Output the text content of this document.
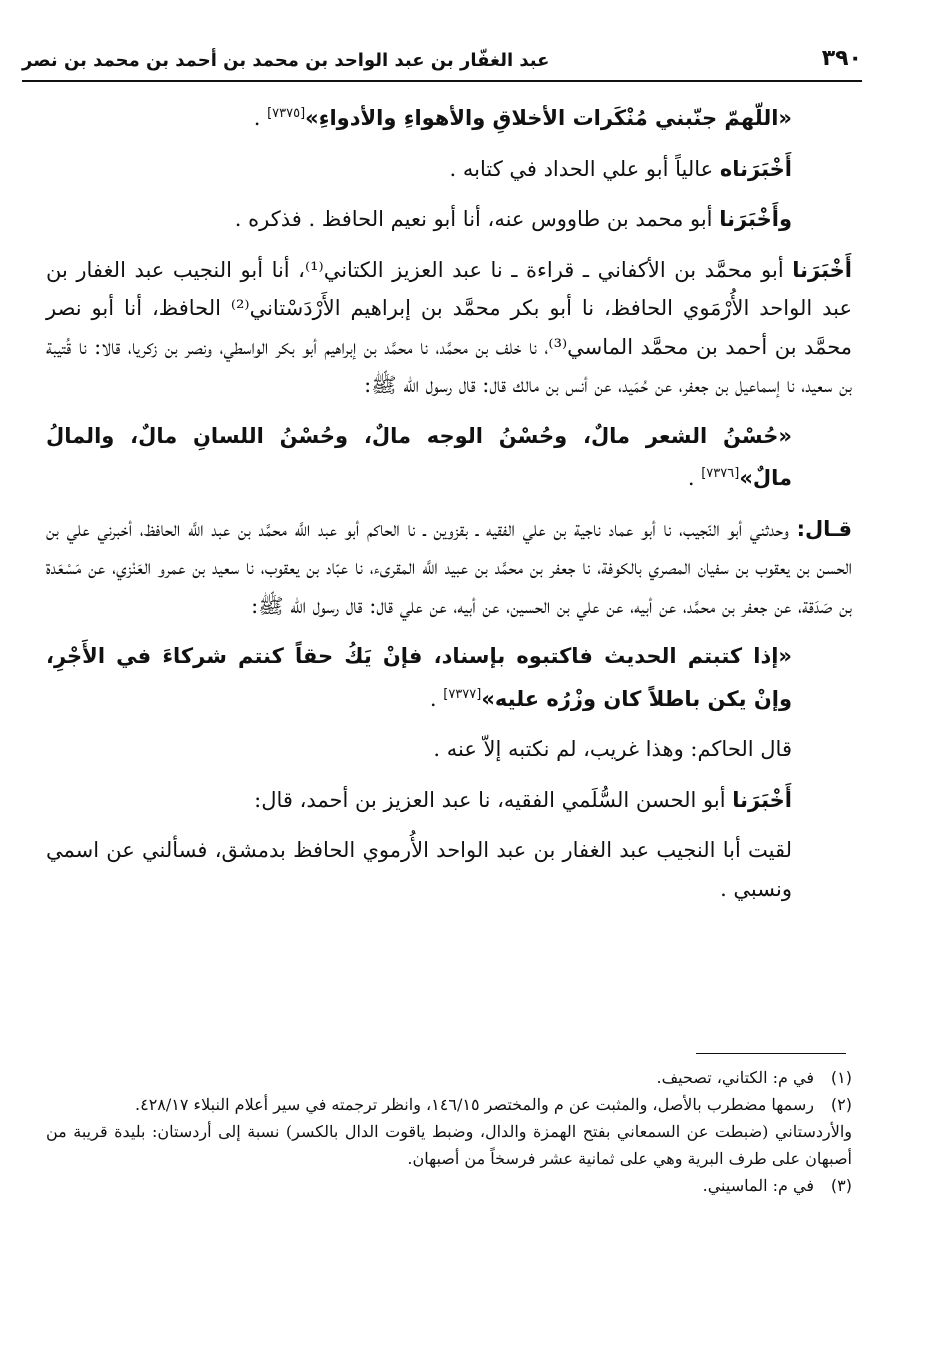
٣٩٠
عبد الغفّار بن عبد الواحد بن محمد بن أحمد بن محمد بن نصر

«اللّهمّ جنّبني مُنْكَرات الأخلاقِ والأهواءِ والأدواءِ»[٧٣٧٥] .

أَخْبَرَناه عالياً أبو علي الحداد في كتابه .

وأَخْبَرَنا أبو محمد بن طاووس عنه، أنا أبو نعيم الحافظ . فذكره .

أَخْبَرَنا أبو محمَّد بن الأكفاني ـ قراءة ـ نا عبد العزيز الكتاني⁽¹⁾، أنا أبو النجيب عبد الغفار بن عبد الواحد الأُرْمَوي الحافظ، نا أبو بكر محمَّد بن إبراهيم الأَرْدَسْتاني⁽²⁾ الحافظ، أنا أبو نصر محمَّد بن أحمد بن محمَّد الماسي⁽³⁾، نا خلف بن محمَّد، نا محمَّد بن إبراهيم أبو بكر الواسطي، ونصر بن زكريا، قالا: نا قُتيبة بن سعيد، نا إسماعيل بن جعفر، عن حُمَيد، عن أنس بن مالك قال: قال رسول الله ﷺ:

«حُسْنُ الشعر مالٌ، وحُسْنُ الوجه مالٌ، وحُسْنُ اللسانِ مالٌ، والمالُ مالٌ»[٧٣٧٦] .

قـال: وحدثني أبو النّجيب، نا أبو عماد ناجية بن علي الفقيه ـ بقزوين ـ نا الحاكم أبو عبد اللَّه محمَّد بن عبد اللَّه الحافظ، أخبرني علي بن الحسن بن يعقوب بن سفيان المصري بالكوفة، نا جعفر بن محمَّد بن عبيد اللَّه المقرىء، نا عبّاد بن يعقوب، نا سعيد بن عمرو العَنْزي، عن مَسْعَدة بن صَدَقة، عن جعفر بن محمَّد، عن أبيه، عن علي بن الحسين، عن أبيه، عن علي قال: قال رسول الله ﷺ:

«إذا كتبتم الحديث فاكتبوه بإسناد، فإنْ يَكُ حقاً كنتم شركاءَ في الأَجْرِ، وإنْ يكن باطلاً كان وزْرُه عليه»[٧٣٧٧] .

قال الحاكم: وهذا غريب، لم نكتبه إلاّ عنه .

أَخْبَرَنا أبو الحسن السُّلَمي الفقيه، نا عبد العزيز بن أحمد، قال:

لقيت أبا النجيب عبد الغفار بن عبد الواحد الأُرموي الحافظ بدمشق، فسألني عن اسمي ونسبي .

(١)
في م: الكتاني، تصحيف.
(٢)
رسمها مضطرب بالأصل، والمثبت عن م والمختصر ١٤٦/١٥، وانظر ترجمته في سير أعلام النبلاء ٤٢٨/١٧.
والأردستاني (ضبطت عن السمعاني بفتح الهمزة والدال، وضبط ياقوت الدال بالكسر) نسبة إلى أردستان: بليدة قريبة من أصبهان على طرف البرية وهي على ثمانية عشر فرسخاً من أصبهان.
(٣)
في م: الماسيني.
